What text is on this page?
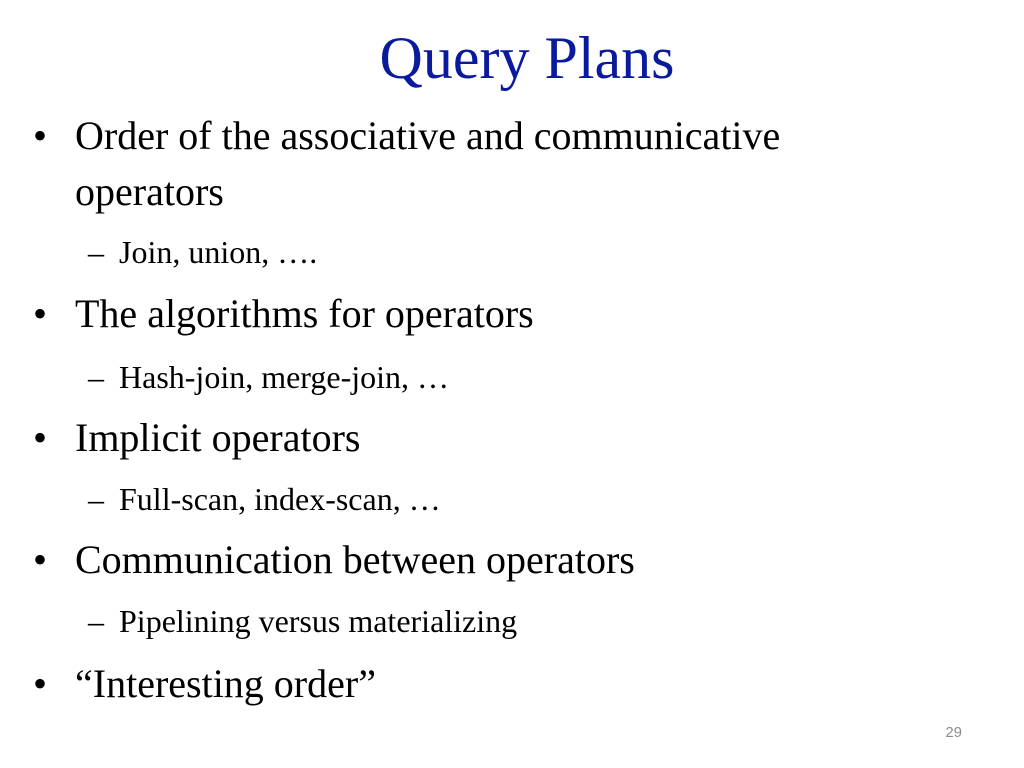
Query Plans
• Order of the associative and communicative
operators
– Join, union, ….
• The algorithms for operators
– Hash-join, merge-join, …
• Implicit operators
– Full-scan, index-scan, …
• Communication between operators
– Pipelining versus materializing
• “Interesting order”
29
